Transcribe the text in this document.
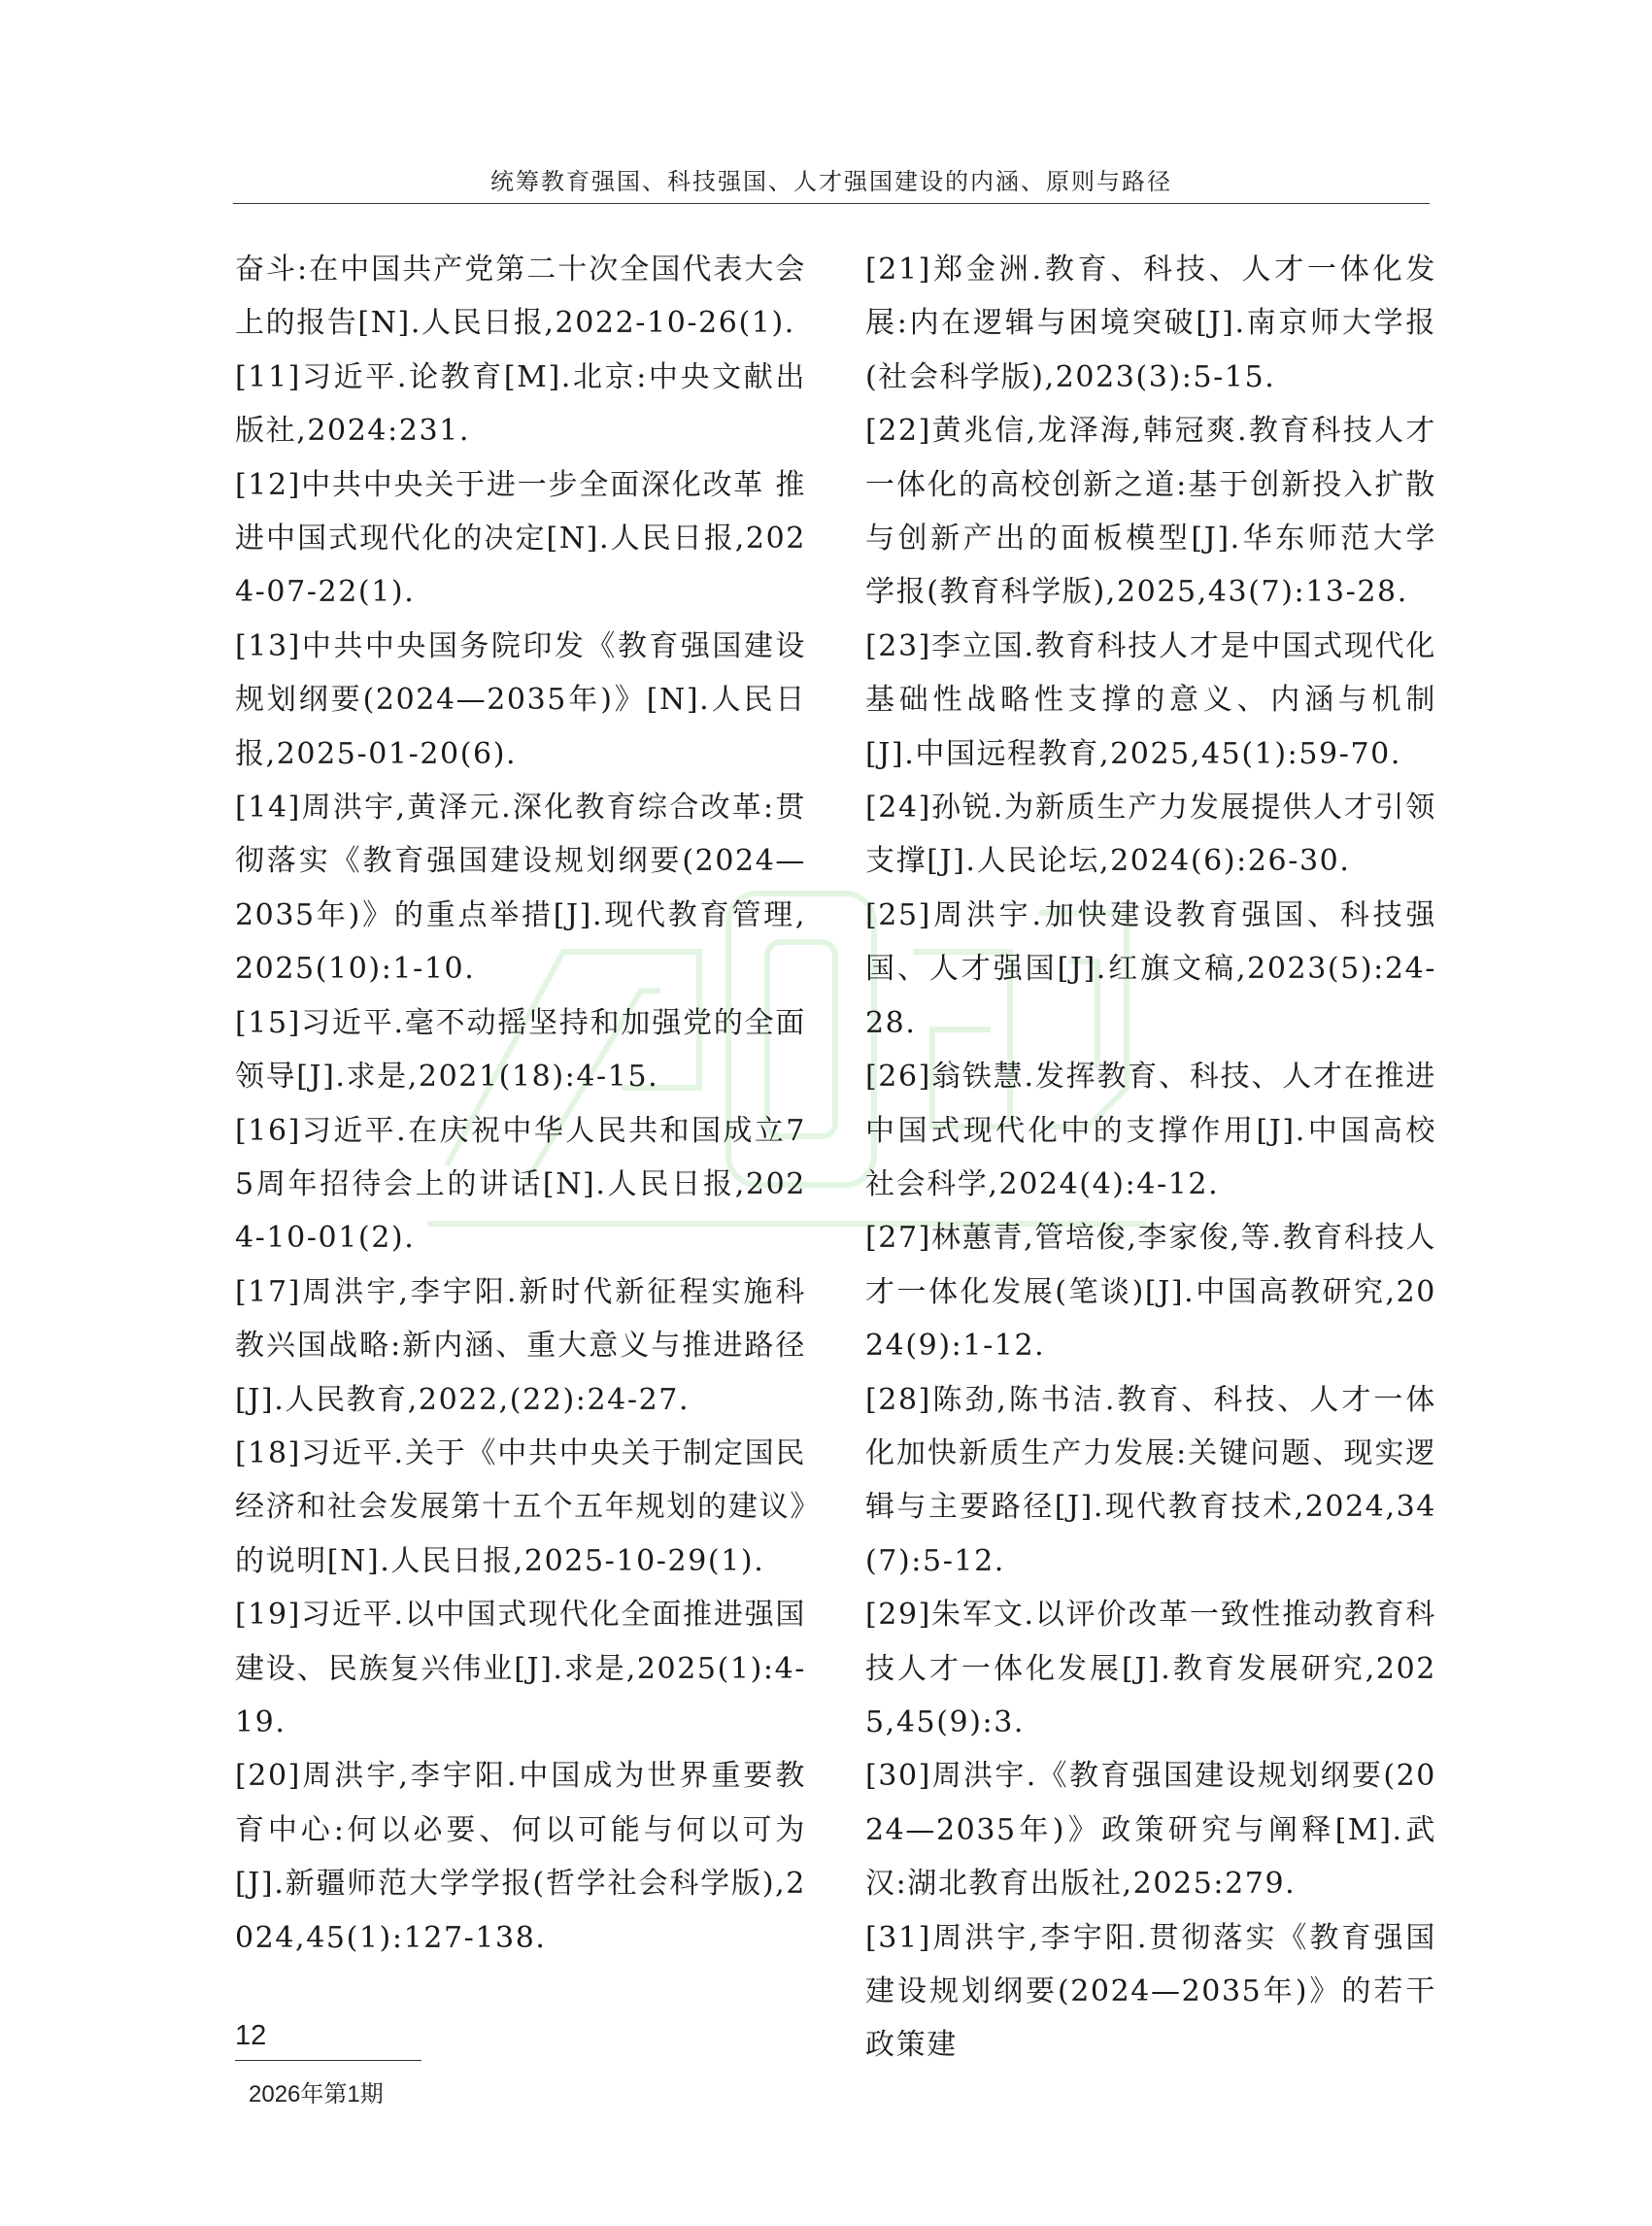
统筹教育强国、科技强国、人才强国建设的内涵、原则与路径

奋斗:在中国共产党第二十次全国代表大会上的报告[N].人民日报,2022-10-26(1).

[11]习近平.论教育[M].北京:中央文献出版社,2024:231.

[12]中共中央关于进一步全面深化改革 推进中国式现代化的决定[N].人民日报,2024-07-22(1).

[13]中共中央国务院印发《教育强国建设规划纲要(2024—2035年)》[N].人民日报,2025-01-20(6).

[14]周洪宇,黄泽元.深化教育综合改革:贯彻落实《教育强国建设规划纲要(2024—2035年)》的重点举措[J].现代教育管理,2025(10):1-10.

[15]习近平.毫不动摇坚持和加强党的全面领导[J].求是,2021(18):4-15.

[16]习近平.在庆祝中华人民共和国成立75周年招待会上的讲话[N].人民日报,2024-10-01(2).

[17]周洪宇,李宇阳.新时代新征程实施科教兴国战略:新内涵、重大意义与推进路径[J].人民教育,2022,(22):24-27.

[18]习近平.关于《中共中央关于制定国民经济和社会发展第十五个五年规划的建议》的说明[N].人民日报,2025-10-29(1).

[19]习近平.以中国式现代化全面推进强国建设、民族复兴伟业[J].求是,2025(1):4-19.

[20]周洪宇,李宇阳.中国成为世界重要教育中心:何以必要、何以可能与何以可为[J].新疆师范大学学报(哲学社会科学版),2024,45(1):127-138.

[21]郑金洲.教育、科技、人才一体化发展:内在逻辑与困境突破[J].南京师大学报(社会科学版),2023(3):5-15.

[22]黄兆信,龙泽海,韩冠爽.教育科技人才一体化的高校创新之道:基于创新投入扩散与创新产出的面板模型[J].华东师范大学学报(教育科学版),2025,43(7):13-28.

[23]李立国.教育科技人才是中国式现代化基础性战略性支撑的意义、内涵与机制[J].中国远程教育,2025,45(1):59-70.

[24]孙锐.为新质生产力发展提供人才引领支撑[J].人民论坛,2024(6):26-30.

[25]周洪宇.加快建设教育强国、科技强国、人才强国[J].红旗文稿,2023(5):24-28.

[26]翁铁慧.发挥教育、科技、人才在推进中国式现代化中的支撑作用[J].中国高校社会科学,2024(4):4-12.

[27]林蕙青,管培俊,李家俊,等.教育科技人才一体化发展(笔谈)[J].中国高教研究,2024(9):1-12.

[28]陈劲,陈书洁.教育、科技、人才一体化加快新质生产力发展:关键问题、现实逻辑与主要路径[J].现代教育技术,2024,34(7):5-12.

[29]朱军文.以评价改革一致性推动教育科技人才一体化发展[J].教育发展研究,2025,45(9):3.

[30]周洪宇.《教育强国建设规划纲要(2024—2035年)》政策研究与阐释[M].武汉:湖北教育出版社,2025:279.

[31]周洪宇,李宇阳.贯彻落实《教育强国建设规划纲要(2024—2035年)》的若干政策建

12
2026年第1期
